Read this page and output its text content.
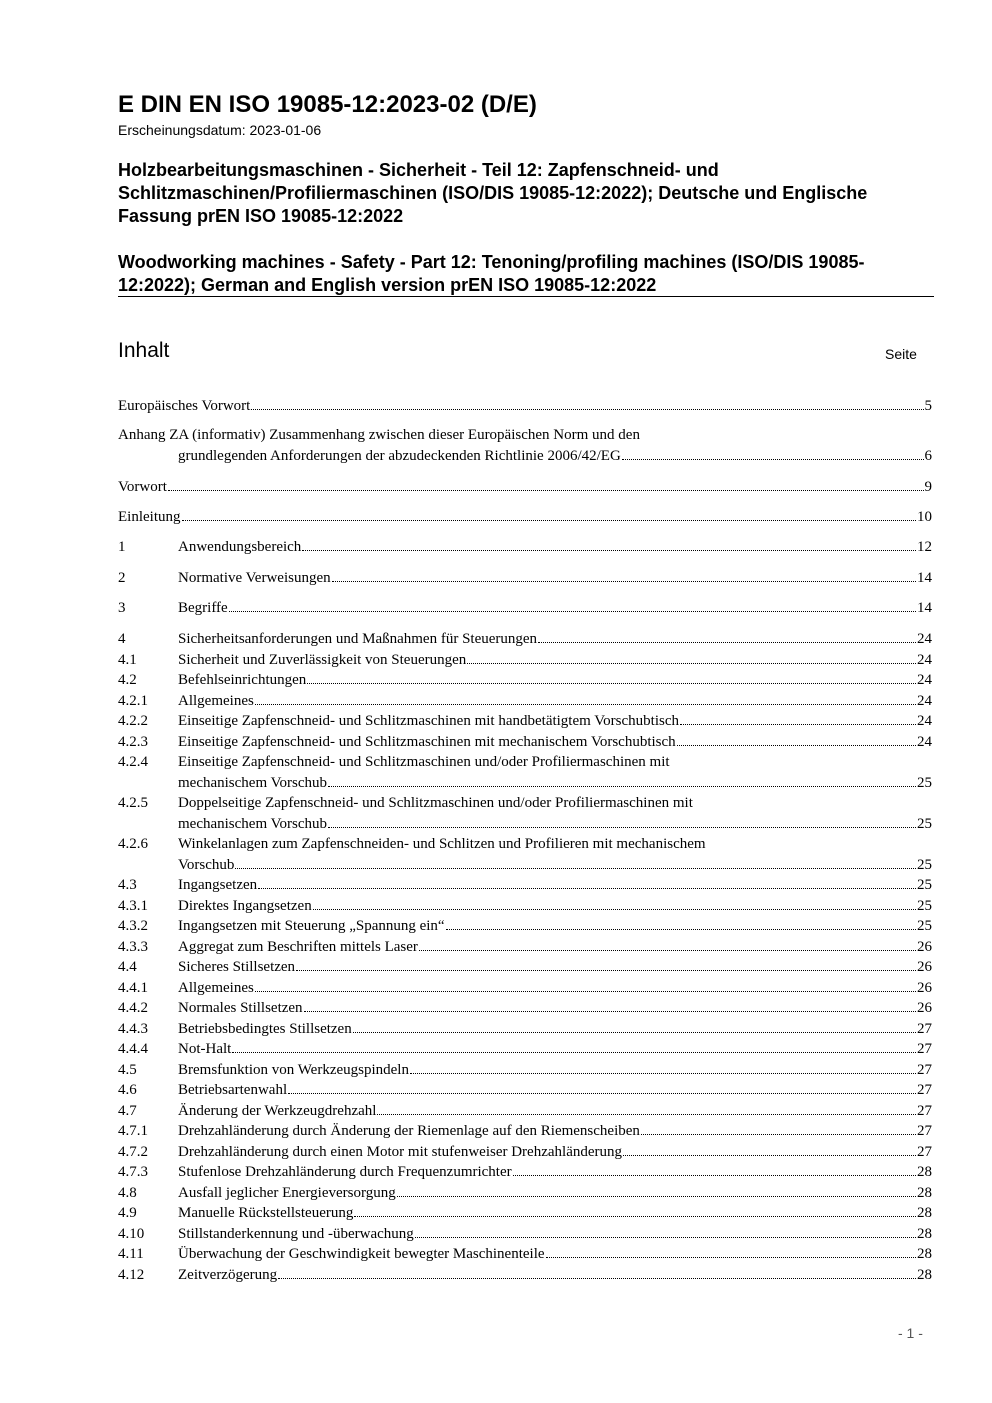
E DIN EN ISO 19085-12:2023-02 (D/E)
Erscheinungsdatum: 2023-01-06
Holzbearbeitungsmaschinen - Sicherheit - Teil 12: Zapfenschneid- und Schlitzmaschinen/Profiliermaschinen (ISO/DIS 19085-12:2022); Deutsche und Englische Fassung prEN ISO 19085-12:2022
Woodworking machines - Safety - Part 12: Tenoning/profiling machines (ISO/DIS 19085-12:2022); German and English version prEN ISO 19085-12:2022
Inhalt	Seite
Europäisches Vorwort	5
Anhang ZA (informativ) Zusammenhang zwischen dieser Europäischen Norm und den
grundlegenden Anforderungen der abzudeckenden Richtlinie 2006/42/EG	6
Vorwort	9
Einleitung	10
1	Anwendungsbereich	12
2	Normative Verweisungen	14
3	Begriffe	14
4	Sicherheitsanforderungen und Maßnahmen für Steuerungen	24
4.1	Sicherheit und Zuverlässigkeit von Steuerungen	24
4.2	Befehlseinrichtungen	24
4.2.1	Allgemeines	24
4.2.2	Einseitige Zapfenschneid- und Schlitzmaschinen mit handbetätigtem Vorschubtisch	24
4.2.3	Einseitige Zapfenschneid- und Schlitzmaschinen mit mechanischem Vorschubtisch	24
4.2.4	Einseitige Zapfenschneid- und Schlitzmaschinen und/oder Profiliermaschinen mit
mechanischem Vorschub	25
4.2.5	Doppelseitige Zapfenschneid- und Schlitzmaschinen und/oder Profiliermaschinen mit
mechanischem Vorschub	25
4.2.6	Winkelanlagen zum Zapfenschneiden- und Schlitzen und Profilieren mit mechanischem
Vorschub	25
4.3	Ingangsetzen	25
4.3.1	Direktes Ingangsetzen	25
4.3.2	Ingangsetzen mit Steuerung „Spannung ein“	25
4.3.3	Aggregat zum Beschriften mittels Laser	26
4.4	Sicheres Stillsetzen	26
4.4.1	Allgemeines	26
4.4.2	Normales Stillsetzen	26
4.4.3	Betriebsbedingtes Stillsetzen	27
4.4.4	Not-Halt	27
4.5	Bremsfunktion von Werkzeugspindeln	27
4.6	Betriebsartenwahl	27
4.7	Änderung der Werkzeugdrehzahl	27
4.7.1	Drehzahländerung durch Änderung der Riemenlage auf den Riemenscheiben	27
4.7.2	Drehzahländerung durch einen Motor mit stufenweiser Drehzahländerung	27
4.7.3	Stufenlose Drehzahländerung durch Frequenzumrichter	28
4.8	Ausfall jeglicher Energieversorgung	28
4.9	Manuelle Rückstellsteuerung	28
4.10	Stillstanderkennung und -überwachung	28
4.11	Überwachung der Geschwindigkeit bewegter Maschinenteile	28
4.12	Zeitverzögerung	28
- 1 -
